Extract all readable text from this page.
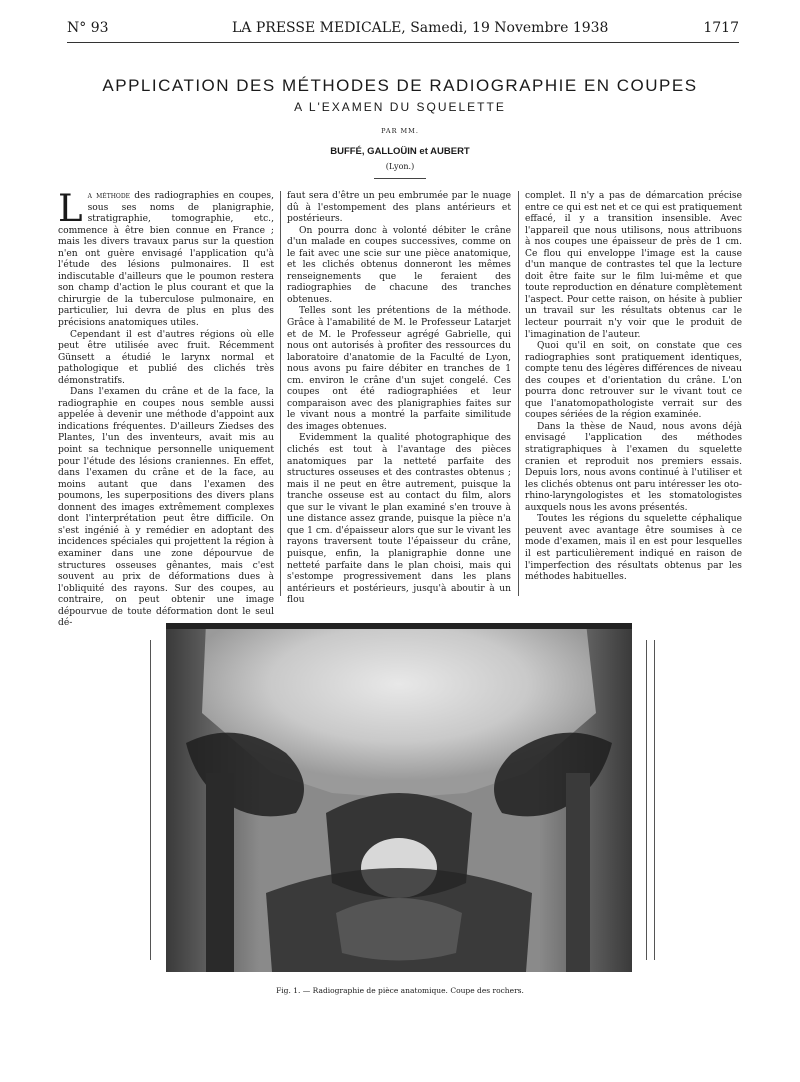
N° 93	LA PRESSE MEDICALE, Samedi, 19 Novembre 1938	1717
APPLICATION DES MÉTHODES DE RADIOGRAPHIE EN COUPES
A L'EXAMEN DU SQUELETTE
PAR MM.
BUFFÉ, GALLOÜIN et AUBERT
(Lyon.)

La méthode des radiographies en coupes, sous ses noms de planigraphie, stratigraphie, tomographie, etc., commence à être bien connue en France ; mais les divers travaux parus sur la question n'en ont guère envisagé l'application qu'à l'étude des lésions pulmonaires. Il est indiscutable d'ailleurs que le poumon restera son champ d'action le plus courant et que la chirurgie de la tuberculose pulmonaire, en particulier, lui devra de plus en plus des précisions anatomiques utiles.

Cependant il est d'autres régions où elle peut être utilisée avec fruit. Récemment Günsett a étudié le larynx normal et pathologique et publié des clichés très démonstratifs.

Dans l'examen du crâne et de la face, la radiographie en coupes nous semble aussi appelée à devenir une méthode d'appoint aux indications fréquentes. D'ailleurs Ziedses des Plantes, l'un des inventeurs, avait mis au point sa technique personnelle uniquement pour l'étude des lésions craniennes. En effet, dans l'examen du crâne et de la face, au moins autant que dans l'examen des poumons, les superpositions des divers plans donnent des images extrêmement complexes dont l'interprétation peut être difficile. On s'est ingénié à y remédier en adoptant des incidences spéciales qui projettent la région à examiner dans une zone dépourvue de structures osseuses gênantes, mais c'est souvent au prix de déformations dues à l'obliquité des rayons. Sur des coupes, au contraire, on peut obtenir une image dépourvue de toute déformation dont le seul dé-

faut sera d'être un peu embrumée par le nuage dû à l'estompement des plans antérieurs et postérieurs.

On pourra donc à volonté débiter le crâne d'un malade en coupes successives, comme on le fait avec une scie sur une pièce anatomique, et les clichés obtenus donneront les mêmes renseignements que le feraient des radiographies de chacune des tranches obtenues.

Telles sont les prétentions de la méthode. Grâce à l'amabilité de M. le Professeur Latarjet et de M. le Professeur agrégé Gabrielle, qui nous ont autorisés à profiter des ressources du laboratoire d'anatomie de la Faculté de Lyon, nous avons pu faire débiter en tranches de 1 cm. environ le crâne d'un sujet congelé. Ces coupes ont été radiographiées et leur comparaison avec des planigraphies faites sur le vivant nous a montré la parfaite similitude des images obtenues.

Evidemment la qualité photographique des clichés est tout à l'avantage des pièces anatomiques par la netteté parfaite des structures osseuses et des contrastes obtenus ; mais il ne peut en être autrement, puisque la tranche osseuse est au contact du film, alors que sur le vivant le plan examiné s'en trouve à une distance assez grande, puisque la pièce n'a que 1 cm. d'épaisseur alors que sur le vivant les rayons traversent toute l'épaisseur du crâne, puisque, enfin, la planigraphie donne une netteté parfaite dans le plan choisi, mais qui s'estompe progressivement dans les plans antérieurs et postérieurs, jusqu'à aboutir à un flou

complet. Il n'y a pas de démarcation précise entre ce qui est net et ce qui est pratiquement effacé, il y a transition insensible. Avec l'appareil que nous utilisons, nous attribuons à nos coupes une épaisseur de près de 1 cm. Ce flou qui enveloppe l'image est la cause d'un manque de contrastes tel que la lecture doit être faite sur le film lui-même et que toute reproduction en dénature complètement l'aspect. Pour cette raison, on hésite à publier un travail sur les résultats obtenus car le lecteur pourrait n'y voir que le produit de l'imagination de l'auteur.

Quoi qu'il en soit, on constate que ces radiographies sont pratiquement identiques, compte tenu des légères différences de niveau des coupes et d'orientation du crâne. L'on pourra donc retrouver sur le vivant tout ce que l'anatomopathologiste verrait sur des coupes sériées de la région examinée.

Dans la thèse de Naud, nous avons déjà envisagé l'application des méthodes stratigraphiques à l'examen du squelette cranien et reproduit nos premiers essais. Depuis lors, nous avons continué à l'utiliser et les clichés obtenus ont paru intéresser les oto-rhino-laryngologistes et les stomatologistes auxquels nous les avons présentés.

Toutes les régions du squelette céphalique peuvent avec avantage être soumises à ce mode d'examen, mais il en est pour lesquelles il est particulièrement indiqué en raison de l'imperfection des résultats obtenus par les méthodes habituelles.

Fig. 1. — Radiographie de pièce anatomique. Coupe des rochers.
